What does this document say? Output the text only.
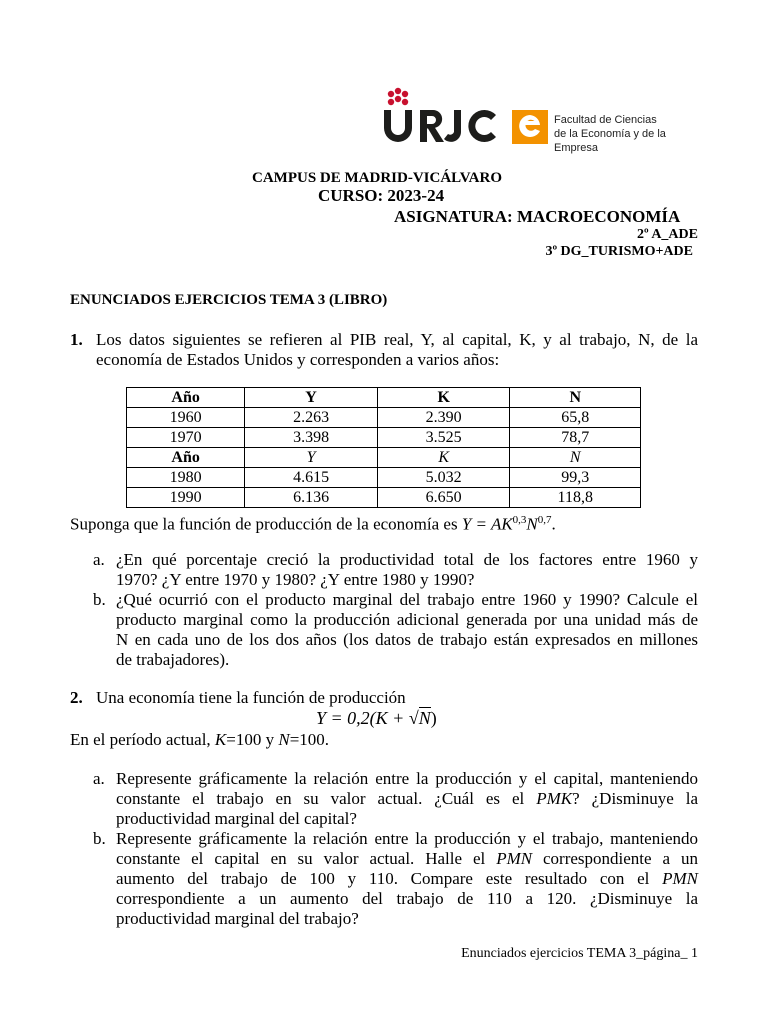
Facultad de Ciencias
de la Economía y de la Empresa
CAMPUS DE MADRID-VICÁLVARO
CURSO: 2023-24
ASIGNATURA: MACROECONOMÍA
2º A_ADE
3º DG_TURISMO+ADE
ENUNCIADOS EJERCICIOS TEMA 3 (LIBRO)
1. Los datos siguientes se refieren al PIB real, Y, al capital, K, y al trabajo, N, de la
economía de Estados Unidos y corresponden a varios años:
Año	Y	K	N
1960	2.263	2.390	65,8
1970	3.398	3.525	78,7
Año	Y	K	N
1980	4.615	5.032	99,3
1990	6.136	6.650	118,8
Suponga que la función de producción de la economía es $Y = AK^{0,3}N^{0,7}$.
a. ¿En qué porcentaje creció la productividad total de los factores entre 1960 y
1970? ¿Y entre 1970 y 1980? ¿Y entre 1980 y 1990?
b. ¿Qué ocurrió con el producto marginal del trabajo entre 1960 y 1990? Calcule el
producto marginal como la producción adicional generada por una unidad más de
N en cada uno de los dos años (los datos de trabajo están expresados en millones
de trabajadores).
2. Una economía tiene la función de producción
Y = 0,2(K + √N)
En el período actual, K=100 y N=100.
a. Represente gráficamente la relación entre la producción y el capital, manteniendo
constante el trabajo en su valor actual. ¿Cuál es el PMK? ¿Disminuye la
productividad marginal del capital?
b. Represente gráficamente la relación entre la producción y el trabajo, manteniendo
constante el capital en su valor actual. Halle el PMN correspondiente a un
aumento del trabajo de 100 y 110. Compare este resultado con el PMN
correspondiente a un aumento del trabajo de 110 a 120. ¿Disminuye la
productividad marginal del trabajo?
Enunciados ejercicios TEMA 3_página_ 1
